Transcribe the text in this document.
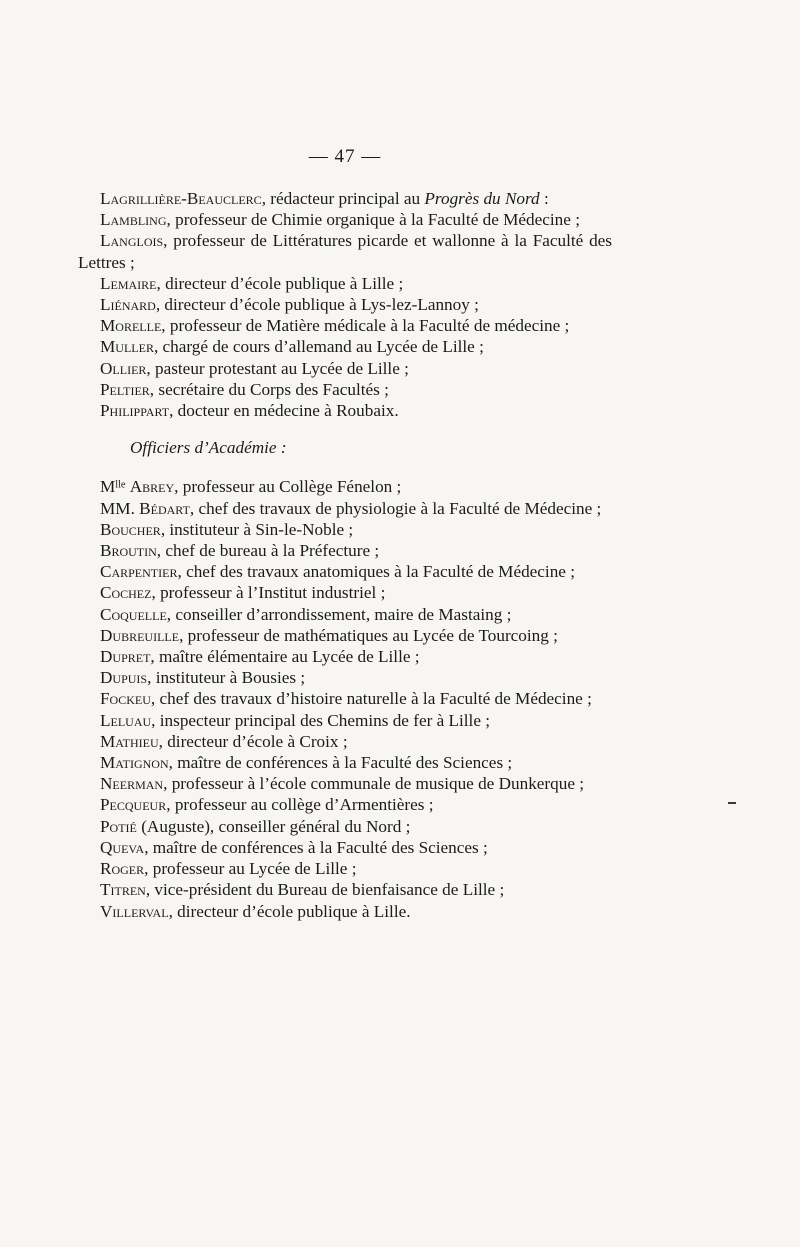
— 47 —
Lagrillière-Beauclerc, rédacteur principal au Progrès du Nord :
Lambling, professeur de Chimie organique à la Faculté de Médecine ;
Langlois, professeur de Littératures picarde et wallonne à la Faculté des Lettres ;
Lemaire, directeur d’école publique à Lille ;
Liénard, directeur d’école publique à Lys-lez-Lannoy ;
Morelle, professeur de Matière médicale à la Faculté de médecine ;
Muller, chargé de cours d’allemand au Lycée de Lille ;
Ollier, pasteur protestant au Lycée de Lille ;
Peltier, secrétaire du Corps des Facultés ;
Philippart, docteur en médecine à Roubaix.
Officiers d’Académie :
Mˡˡᵉ Abrey, professeur au Collège Fénelon ;
MM. Bédart, chef des travaux de physiologie à la Faculté de Médecine ;
Boucher, instituteur à Sin-le-Noble ;
Broutin, chef de bureau à la Préfecture ;
Carpentier, chef des travaux anatomiques à la Faculté de Médecine ;
Cochez, professeur à l’Institut industriel ;
Coquelle, conseiller d’arrondissement, maire de Mastaing ;
Dubreuille, professeur de mathématiques au Lycée de Tourcoing ;
Dupret, maître élémentaire au Lycée de Lille ;
Dupuis, instituteur à Bousies ;
Fockeu, chef des travaux d’histoire naturelle à la Faculté de Médecine ;
Leluau, inspecteur principal des Chemins de fer à Lille ;
Mathieu, directeur d’école à Croix ;
Matignon, maître de conférences à la Faculté des Sciences ;
Neerman, professeur à l’école communale de musique de Dunkerque ;
Pecqueur, professeur au collège d’Armentières ;
Potié (Auguste), conseiller général du Nord ;
Queva, maître de conférences à la Faculté des Sciences ;
Roger, professeur au Lycée de Lille ;
Titren, vice-président du Bureau de bienfaisance de Lille ;
Villerval, directeur d’école publique à Lille.
